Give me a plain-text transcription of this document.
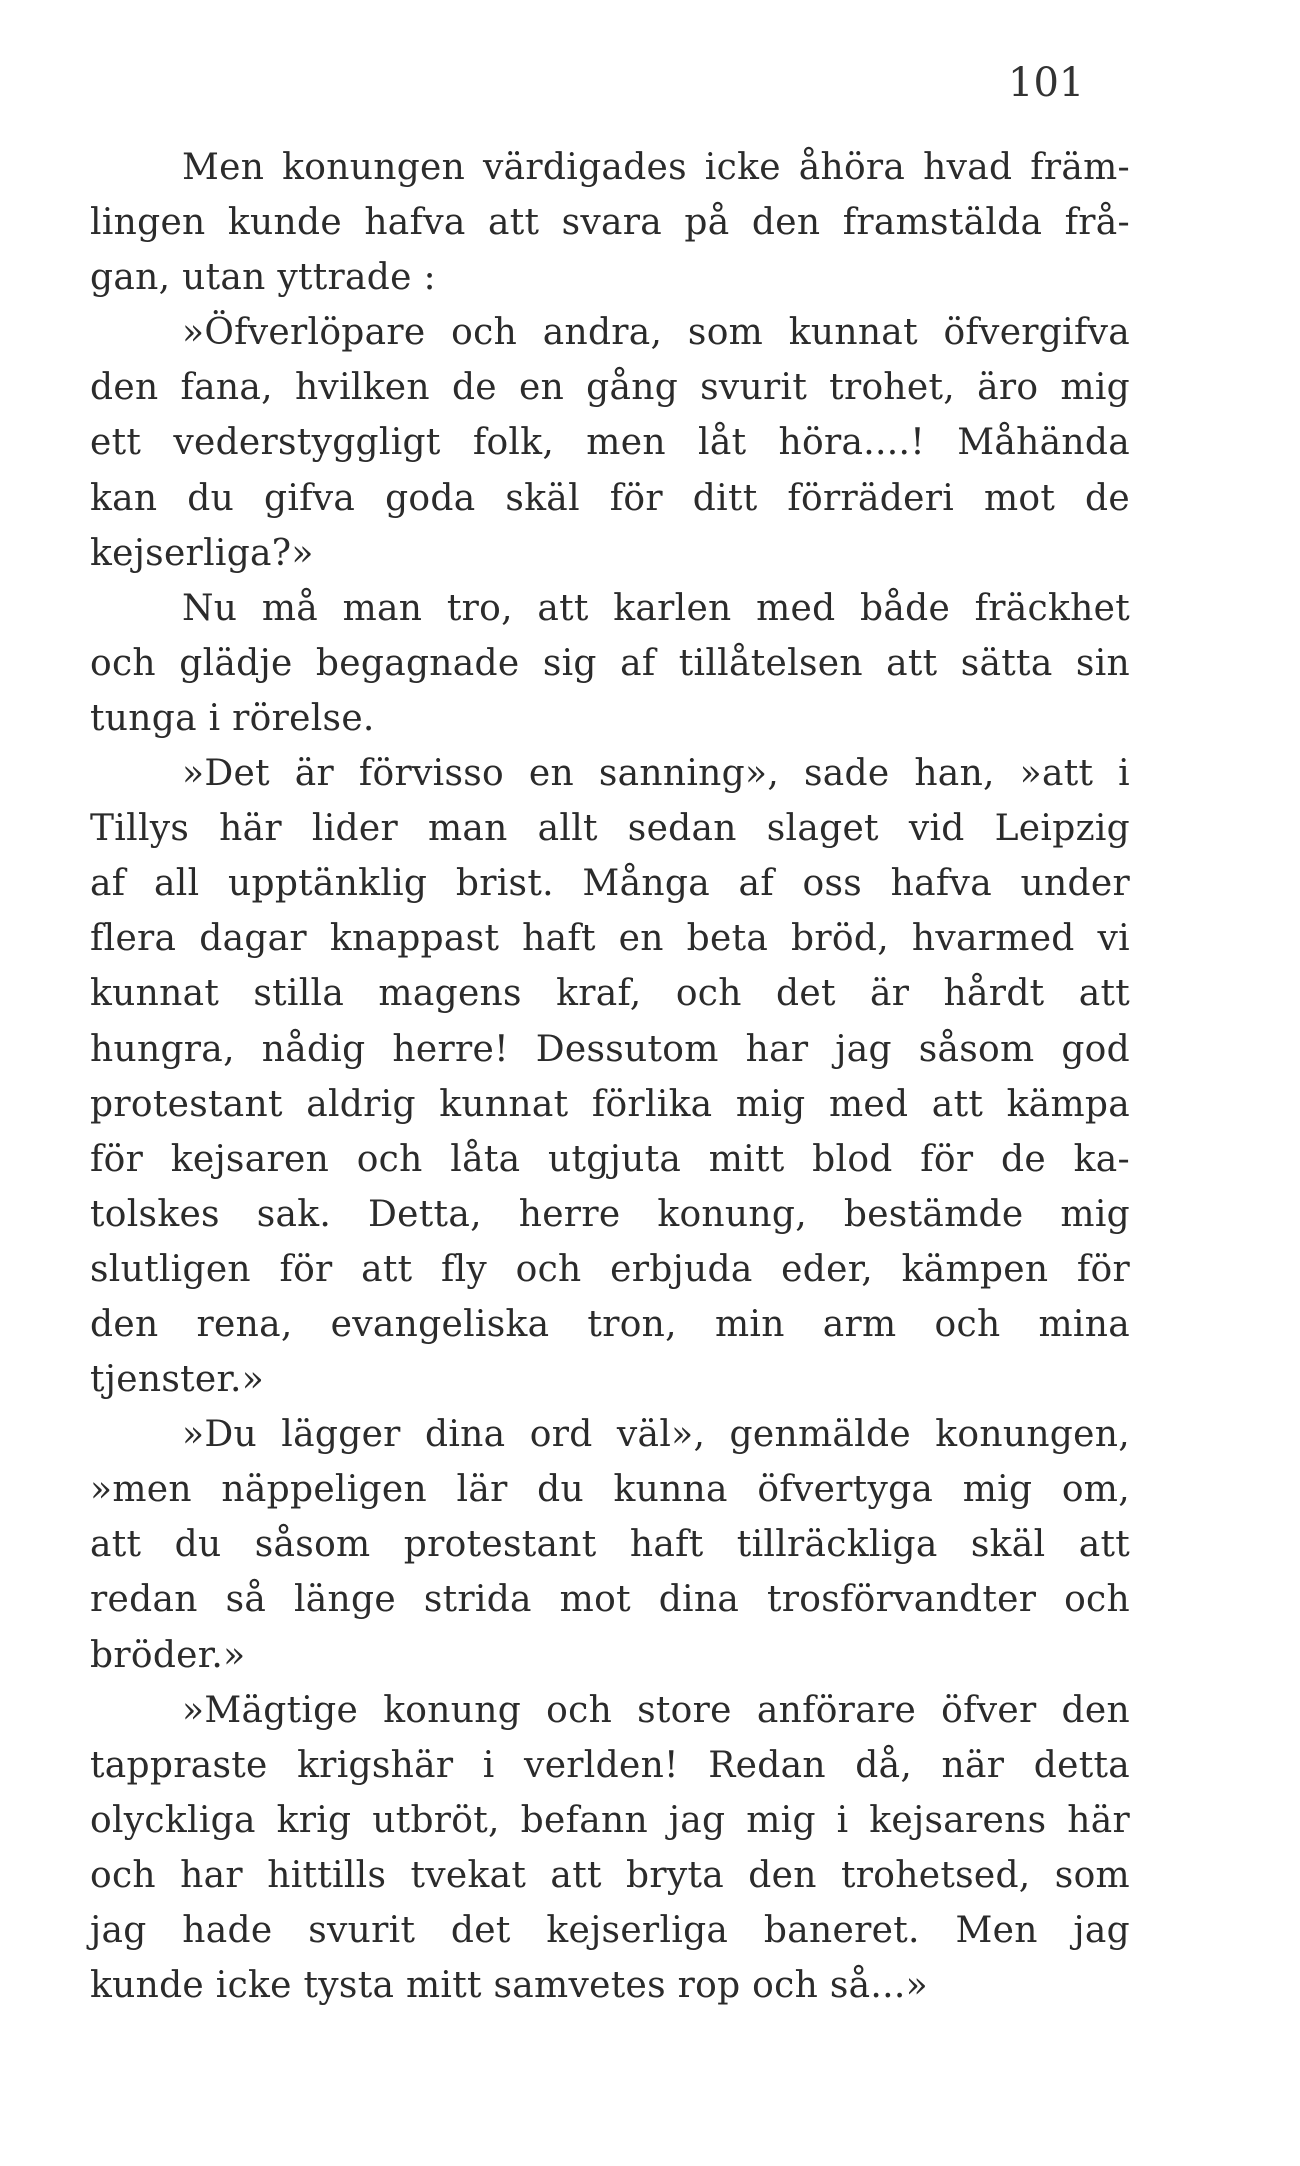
101
Men konungen värdigades icke åhöra hvad främ-
lingen kunde hafva att svara på den framstälda frå-
gan, utan yttrade :
»Öfverlöpare och andra, som kunnat öfvergifva
den fana, hvilken de en gång svurit trohet, äro mig
ett vederstyggligt folk, men låt höra....! Måhända
kan du gifva goda skäl för ditt förräderi mot de
kejserliga?»
Nu må man tro, att karlen med både fräckhet
och glädje begagnade sig af tillåtelsen att sätta sin
tunga i rörelse.
»Det är förvisso en sanning», sade han, »att i
Tillys här lider man allt sedan slaget vid Leipzig
af all upptänklig brist. Många af oss hafva under
flera dagar knappast haft en beta bröd, hvarmed vi
kunnat stilla magens kraf, och det är hårdt att
hungra, nådig herre! Dessutom har jag såsom god
protestant aldrig kunnat förlika mig med att kämpa
för kejsaren och låta utgjuta mitt blod för de ka-
tolskes sak. Detta, herre konung, bestämde mig
slutligen för att fly och erbjuda eder, kämpen för
den rena, evangeliska tron, min arm och mina
tjenster.»
»Du lägger dina ord väl», genmälde konungen,
»men näppeligen lär du kunna öfvertyga mig om,
att du såsom protestant haft tillräckliga skäl att
redan så länge strida mot dina trosförvandter och
bröder.»
»Mägtige konung och store anförare öfver den
tappraste krigshär i verlden! Redan då, när detta
olyckliga krig utbröt, befann jag mig i kejsarens här
och har hittills tvekat att bryta den trohetsed, som
jag hade svurit det kejserliga baneret. Men jag
kunde icke tysta mitt samvetes rop och så...»
